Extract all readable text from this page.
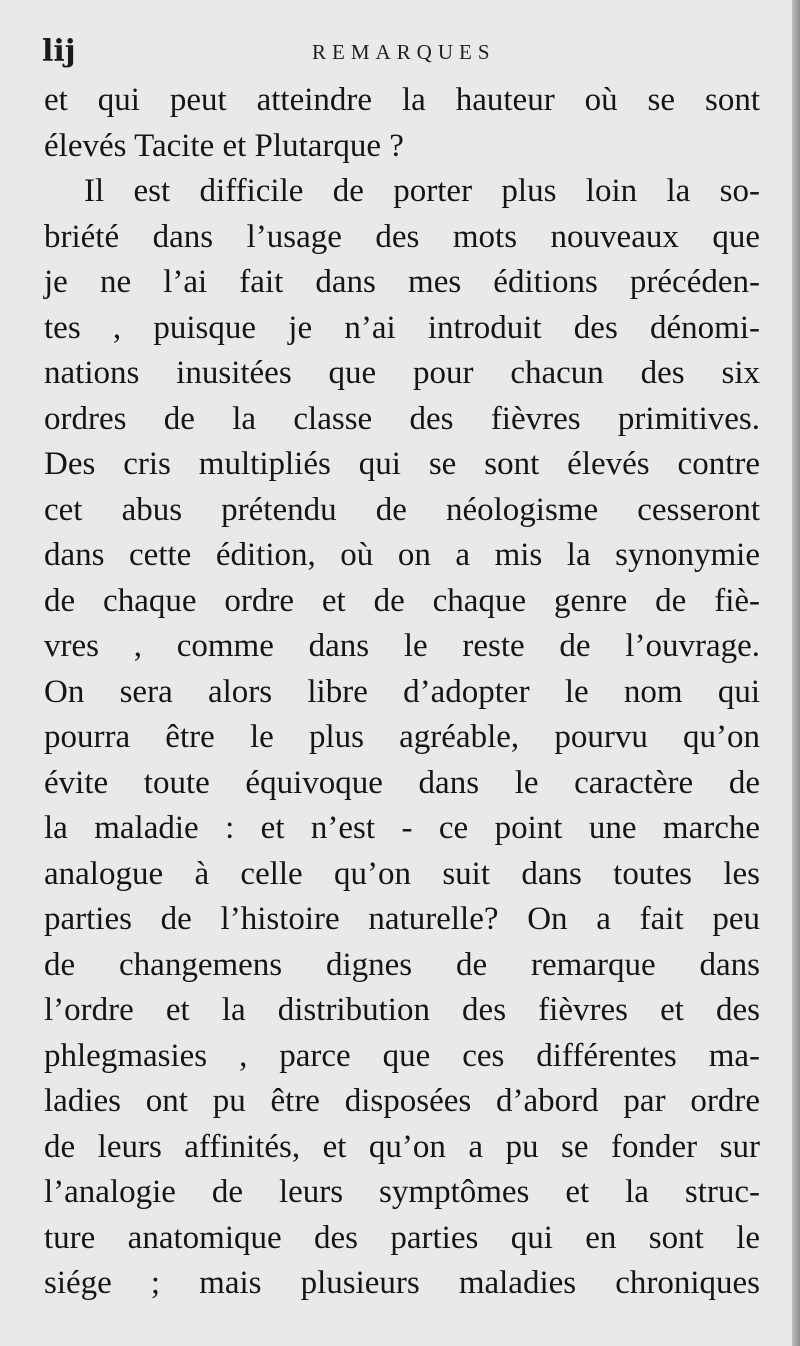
lij	REMARQUES
et qui peut atteindre la hauteur où se sont
élevés Tacite et Plutarque ?
Il est difficile de porter plus loin la so-
briété dans l’usage des mots nouveaux que
je ne l’ai fait dans mes éditions précéden-
tes , puisque je n’ai introduit des dénomi-
nations inusitées que pour chacun des six
ordres de la classe des fièvres primitives.
Des cris multipliés qui se sont élevés contre
cet abus prétendu de néologisme cesseront
dans cette édition, où on a mis la synonymie
de chaque ordre et de chaque genre de fiè-
vres , comme dans le reste de l’ouvrage.
On sera alors libre d’adopter le nom qui
pourra être le plus agréable, pourvu qu’on
évite toute équivoque dans le caractère de
la maladie : et n’est - ce point une marche
analogue à celle qu’on suit dans toutes les
parties de l’histoire naturelle? On a fait peu
de changemens dignes de remarque dans
l’ordre et la distribution des fièvres et des
phlegmasies , parce que ces différentes ma-
ladies ont pu être disposées d’abord par ordre
de leurs affinités, et qu’on a pu se fonder sur
l’analogie de leurs symptômes et la struc-
ture anatomique des parties qui en sont le
siége ; mais plusieurs maladies chroniques
